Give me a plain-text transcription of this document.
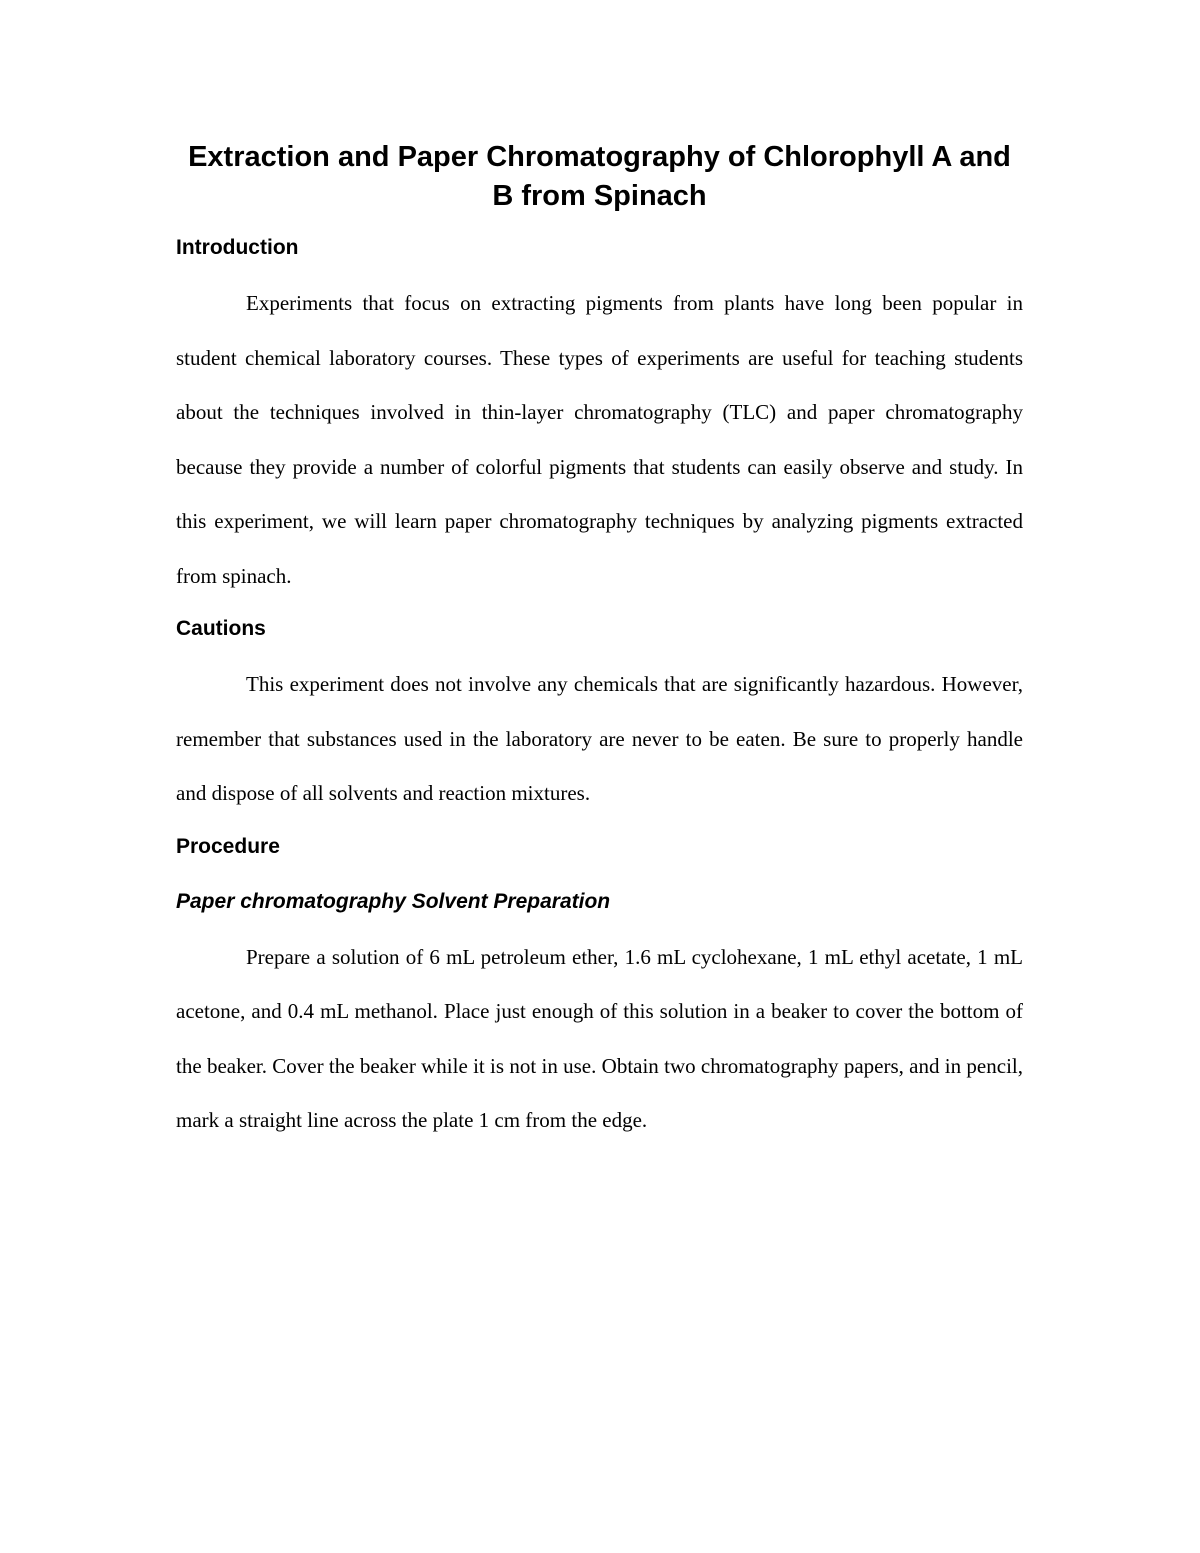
Extraction and Paper Chromatography of Chlorophyll A and B from Spinach
Introduction

Experiments that focus on extracting pigments from plants have long been popular in student chemical laboratory courses. These types of experiments are useful for teaching students about the techniques involved in thin-layer chromatography (TLC) and paper chromatography because they provide a number of colorful pigments that students can easily observe and study. In this experiment, we will learn paper chromatography techniques by analyzing pigments extracted from spinach.

Cautions

This experiment does not involve any chemicals that are significantly hazardous. However, remember that substances used in the laboratory are never to be eaten. Be sure to properly handle and dispose of all solvents and reaction mixtures.

Procedure
Paper chromatography Solvent Preparation

Prepare a solution of 6 mL petroleum ether, 1.6 mL cyclohexane, 1 mL ethyl acetate, 1 mL acetone, and 0.4 mL methanol. Place just enough of this solution in a beaker to cover the bottom of the beaker. Cover the beaker while it is not in use. Obtain two chromatography papers, and in pencil, mark a straight line across the plate 1 cm from the edge.
